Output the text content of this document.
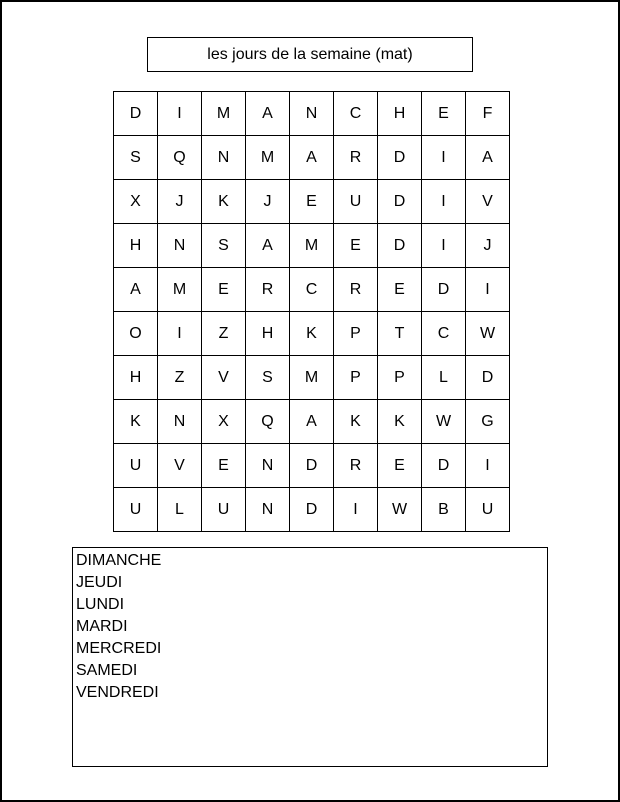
les jours de la semaine (mat)
D	I	M	A	N	C	H	E	F
S	Q	N	M	A	R	D	I	A
X	J	K	J	E	U	D	I	V
H	N	S	A	M	E	D	I	J
A	M	E	R	C	R	E	D	I
O	I	Z	H	K	P	T	C	W
H	Z	V	S	M	P	P	L	D
K	N	X	Q	A	K	K	W	G
U	V	E	N	D	R	E	D	I
U	L	U	N	D	I	W	B	U
DIMANCHE
JEUDI
LUNDI
MARDI
MERCREDI
SAMEDI
VENDREDI
